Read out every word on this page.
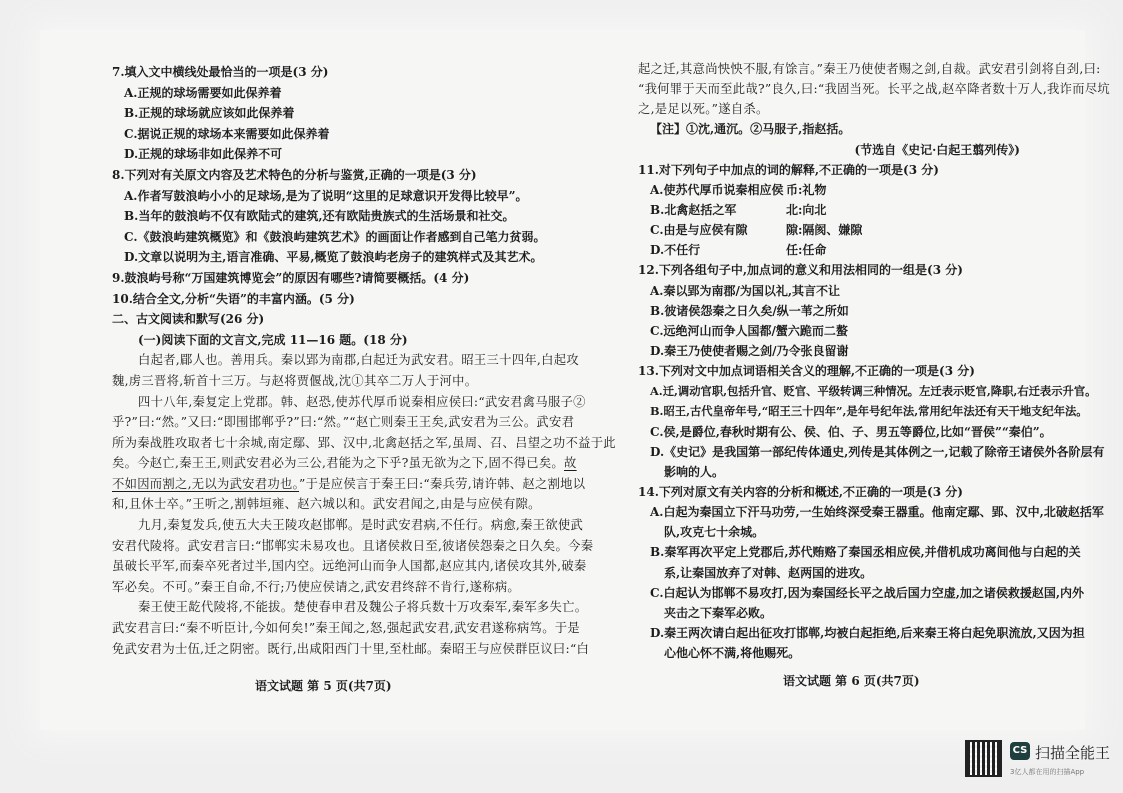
7.填入文中横线处最恰当的一项是(3 分)
A.正规的球场需要如此保养着
B.正规的球场就应该如此保养着
C.据说正规的球场本来需要如此保养着
D.正规的球场非如此保养不可
8.下列对有关原文内容及艺术特色的分析与鉴赏,正确的一项是(3 分)
A.作者写鼓浪屿小小的足球场,是为了说明“这里的足球意识开发得比较早”。
B.当年的鼓浪屿不仅有欧陆式的建筑,还有欧陆贵族式的生活场景和社交。
C.《鼓浪屿建筑概览》和《鼓浪屿建筑艺术》的画面让作者感到自己笔力贫弱。
D.文章以说明为主,语言准确、平易,概览了鼓浪屿老房子的建筑样式及其艺术。
9.鼓浪屿号称“万国建筑博览会”的原因有哪些?请简要概括。(4 分)
10.结合全文,分析“失语”的丰富内涵。(5 分)
二、古文阅读和默写(26 分)
(一)阅读下面的文言文,完成 11—16 题。(18 分)
白起者,郿人也。善用兵。秦以郢为南郡,白起迁为武安君。昭王三十四年,白起攻
魏,虏三晋将,斩首十三万。与赵将贾偃战,沈①其卒二万人于河中。
四十八年,秦复定上党郡。韩、赵恐,使苏代厚币说秦相应侯曰:“武安君禽马服子②
乎?”曰:“然。”又曰:“即围邯郸乎?”曰:“然。”“赵亡则秦王王矣,武安君为三公。武安君
所为秦战胜攻取者七十余城,南定鄢、郢、汉中,北禽赵括之军,虽周、召、吕望之功不益于此
矣。今赵亡,秦王王,则武安君必为三公,君能为之下乎?虽无欲为之下,固不得已矣。故
不如因而割之,无以为武安君功也。”于是应侯言于秦王曰:“秦兵劳,请许韩、赵之割地以
和,且休士卒。”王听之,割韩垣雍、赵六城以和。武安君闻之,由是与应侯有隙。
九月,秦复发兵,使五大夫王陵攻赵邯郸。是时武安君病,不任行。病愈,秦王欲使武
安君代陵将。武安君言曰:“邯郸实未易攻也。且诸侯救日至,彼诸侯怨秦之日久矣。今秦
虽破长平军,而秦卒死者过半,国内空。远绝河山而争人国都,赵应其内,诸侯攻其外,破秦
军必矣。不可。”秦王自命,不行;乃使应侯请之,武安君终辞不肯行,遂称病。
秦王使王龁代陵将,不能拔。楚使春申君及魏公子将兵数十万攻秦军,秦军多失亡。
武安君言曰:“秦不听臣计,今如何矣!”秦王闻之,怒,强起武安君,武安君遂称病笃。于是
免武安君为士伍,迁之阴密。既行,出咸阳西门十里,至杜邮。秦昭王与应侯群臣议曰:“白
语文试题 第 5 页(共7页)
起之迁,其意尚怏怏不服,有馀言。”秦王乃使使者赐之剑,自裁。武安君引剑将自刭,曰:
“我何罪于天而至此哉?”良久,曰:“我固当死。长平之战,赵卒降者数十万人,我诈而尽坑
之,是足以死。”遂自杀。
【注】①沈,通沉。②马服子,指赵括。
(节选自《史记·白起王翦列传》)
11.对下列句子中加点的词的解释,不正确的一项是(3 分)
A.使苏代厚币说秦相应侯 币:礼物
B.北禽赵括之军	北:向北
C.由是与应侯有隙	隙:隔阂、嫌隙
D.不任行	任:任命
12.下列各组句子中,加点词的意义和用法相同的一组是(3 分)
A.秦以郢为南郡/为国以礼,其言不让
B.彼诸侯怨秦之日久矣/纵一苇之所如
C.远绝河山而争人国都/蟹六跪而二螯
D.秦王乃使使者赐之剑/乃令张良留谢
13.下列对文中加点词语相关含义的理解,不正确的一项是(3 分)
A.迁,调动官职,包括升官、贬官、平级转调三种情况。左迁表示贬官,降职,右迁表示升官。
B.昭王,古代皇帝年号,“昭王三十四年”,是年号纪年法,常用纪年法还有天干地支纪年法。
C.侯,是爵位,春秋时期有公、侯、伯、子、男五等爵位,比如“晋侯”“秦伯”。
D.《史记》是我国第一部纪传体通史,列传是其体例之一,记载了除帝王诸侯外各阶层有
影响的人。
14.下列对原文有关内容的分析和概述,不正确的一项是(3 分)
A.白起为秦国立下汗马功劳,一生始终深受秦王器重。他南定鄢、郢、汉中,北破赵括军
队,攻克七十余城。
B.秦军再次平定上党郡后,苏代贿赂了秦国丞相应侯,并借机成功离间他与白起的关
系,让秦国放弃了对韩、赵两国的进攻。
C.白起认为邯郸不易攻打,因为秦国经长平之战后国力空虚,加之诸侯救援赵国,内外
夹击之下秦军必败。
D.秦王两次请白起出征攻打邯郸,均被白起拒绝,后来秦王将白起免职流放,又因为担
心他心怀不满,将他赐死。
语文试题 第 6 页(共7页)
CS 扫描全能王
3亿人都在用的扫描App
